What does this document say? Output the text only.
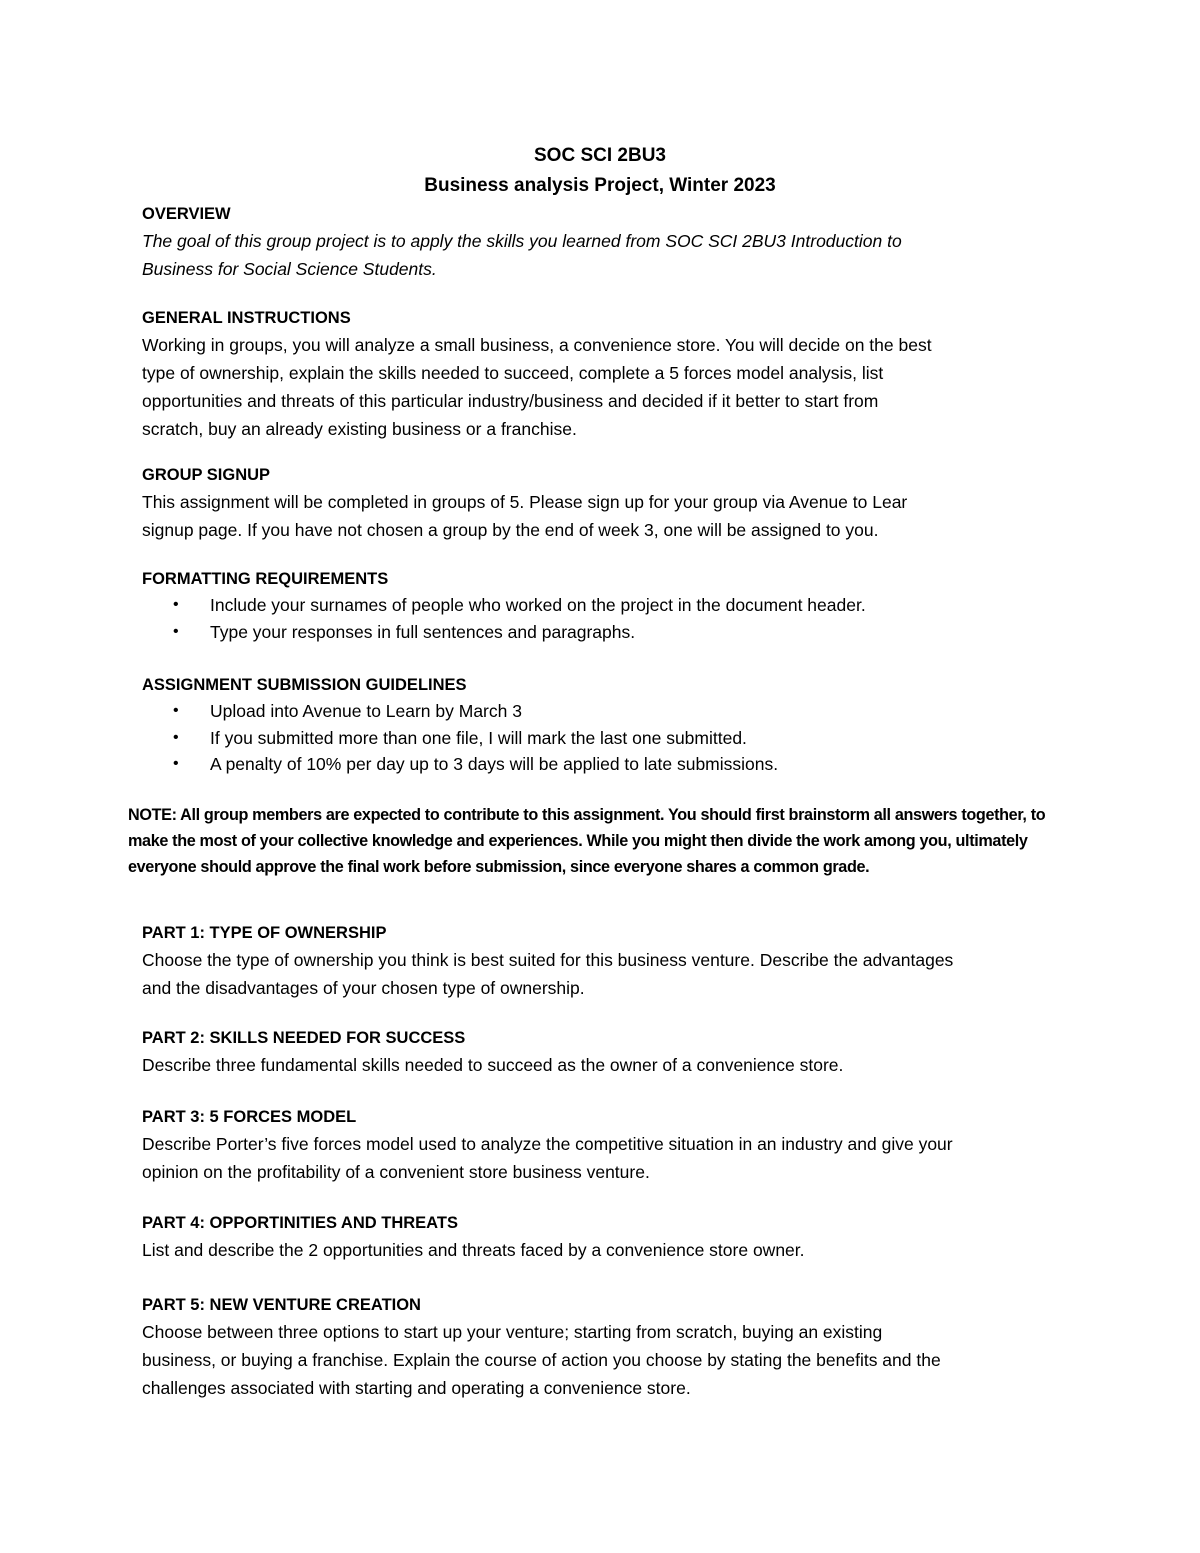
SOC SCI 2BU3
Business analysis Project, Winter 2023
OVERVIEW
The goal of this group project is to apply the skills you learned from SOC SCI 2BU3 Introduction to
Business for Social Science Students.
GENERAL INSTRUCTIONS
Working in groups, you will analyze a small business, a convenience store. You will decide on the best
type of ownership, explain the skills needed to succeed, complete a 5 forces model analysis, list
opportunities and threats of this particular industry/business and decided if it better to start from
scratch, buy an already existing business or a franchise.
GROUP SIGNUP
This assignment will be completed in groups of 5. Please sign up for your group via Avenue to Lear
signup page. If you have not chosen a group by the end of week 3, one will be assigned to you.
FORMATTING REQUIREMENTS
• Include your surnames of people who worked on the project in the document header.
• Type your responses in full sentences and paragraphs.
ASSIGNMENT SUBMISSION GUIDELINES
• Upload into Avenue to Learn by March 3
• If you submitted more than one file, I will mark the last one submitted.
• A penalty of 10% per day up to 3 days will be applied to late submissions.
NOTE: All group members are expected to contribute to this assignment. You should first brainstorm all answers together, to
make the most of your collective knowledge and experiences. While you might then divide the work among you, ultimately
everyone should approve the final work before submission, since everyone shares a common grade.
PART 1: TYPE OF OWNERSHIP
Choose the type of ownership you think is best suited for this business venture. Describe the advantages
and the disadvantages of your chosen type of ownership.
PART 2: SKILLS NEEDED FOR SUCCESS
Describe three fundamental skills needed to succeed as the owner of a convenience store.
PART 3: 5 FORCES MODEL
Describe Porter’s five forces model used to analyze the competitive situation in an industry and give your
opinion on the profitability of a convenient store business venture.
PART 4: OPPORTINITIES AND THREATS
List and describe the 2 opportunities and threats faced by a convenience store owner.
PART 5: NEW VENTURE CREATION
Choose between three options to start up your venture; starting from scratch, buying an existing
business, or buying a franchise. Explain the course of action you choose by stating the benefits and the
challenges associated with starting and operating a convenience store.
